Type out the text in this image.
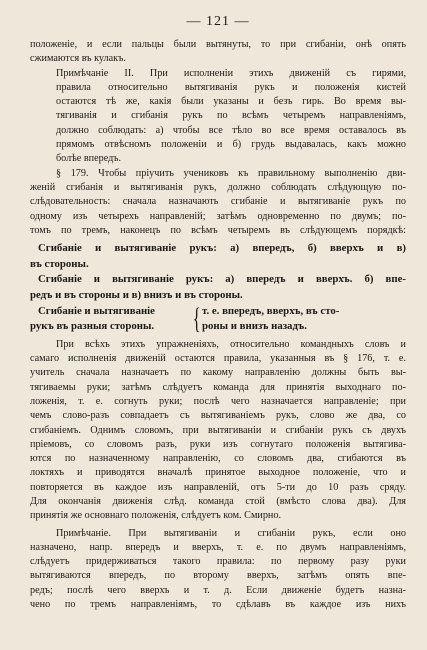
— 121 —
положеніе, и если пальцы были вытянуты, то при сгибаніи, онѣ опять
сжимаются въ кулакъ.
Примѣчаніе II. При исполненіи этихъ движеній съ гирями,
правила относительно вытягиванія рукъ и положенія кистей
остаются тѣ же, какія были указаны и безъ гирь. Во время вы-
тягиванія и сгибанія рукъ по всѣмъ четыремъ направленіямъ,
должно соблюдать: а) чтобы все тѣло во все время оставалось въ
прямомъ отвѣсномъ положеніи и б) грудь выдавалась, какъ можно
болѣе впередъ.
§ 179. Чтобы пріучить учениковъ къ правильному выполненію дви-
женій сгибанія и вытягиванія рукъ, должно соблюдать слѣдующую по-
слѣдовательность: сначала назначають сгибаніе и вытягиваніе рукъ по
одному изъ четырехъ направленій; затѣмъ одновременно по двумъ; по-
томъ по тремъ, наконецъ по всѣмъ четыремъ въ слѣдующемъ порядкѣ:
Сгибаніе и вытягиваніе рукъ: а) впередъ, б) вверхъ и в)
въ стороны.
Сгибаніе и вытягиваніе рукъ: а) впередъ и вверхъ. б) впе-
редъ и въ стороны и в) внизъ и въ стороны.
Сгибаніе и вытягиваніе
рукъ въ разныя стороны.	{ т. е. впередъ, вверхъ, въ сто-
роны и внизъ назадъ.
При всѣхъ этихъ упражненіяхъ, относительно командныхъ словъ и
самаго исполненія движеній остаются правила, указанныя въ § 176, т. е.
учитель сначала назначаетъ по какому направленію должны быть вы-
тягиваемы руки; затѣмъ слѣдуетъ команда для принятія выходнаго по-
ложенія, т. е. согнуть руки; послѣ чего назначается направленіе; при
чемъ слово-разъ совпадаетъ съ вытягиваніемъ рукъ, слово же два, со
сгибаніемъ. Однимъ словомъ, при вытягиваніи и сгибаніи рукъ съ двухъ
пріемовъ, со словомъ разъ, руки изъ согнутаго положенія вытягива-
ются по назначенному направленію, со словомъ два, сгибаются въ
локтяхъ и приводятся вначалѣ принятое выходное положеніе, что и
повторяется въ каждое изъ направленій, отъ 5-ти до 10 разъ сряду.
Для окончанія движенія слѣд. команда стой (вмѣсто слова два). Для
принятія же основнаго положенія, слѣдуетъ ком. Смирно.
Примѣчаніе. При вытягиваніи и сгибаніи рукъ, если оно
назначено, напр. впередъ и вверхъ, т. е. по двумъ направленіямъ,
слѣдуетъ придерживаться такого правила: по первому разу руки
вытягиваются впередъ, по второму вверхъ, затѣмъ опять впе-
редъ; послѣ чего вверхъ и т. д. Если движеніе будетъ назна-
чено по тремъ направленіямъ, то сдѣлавъ въ каждое изъ нихъ
